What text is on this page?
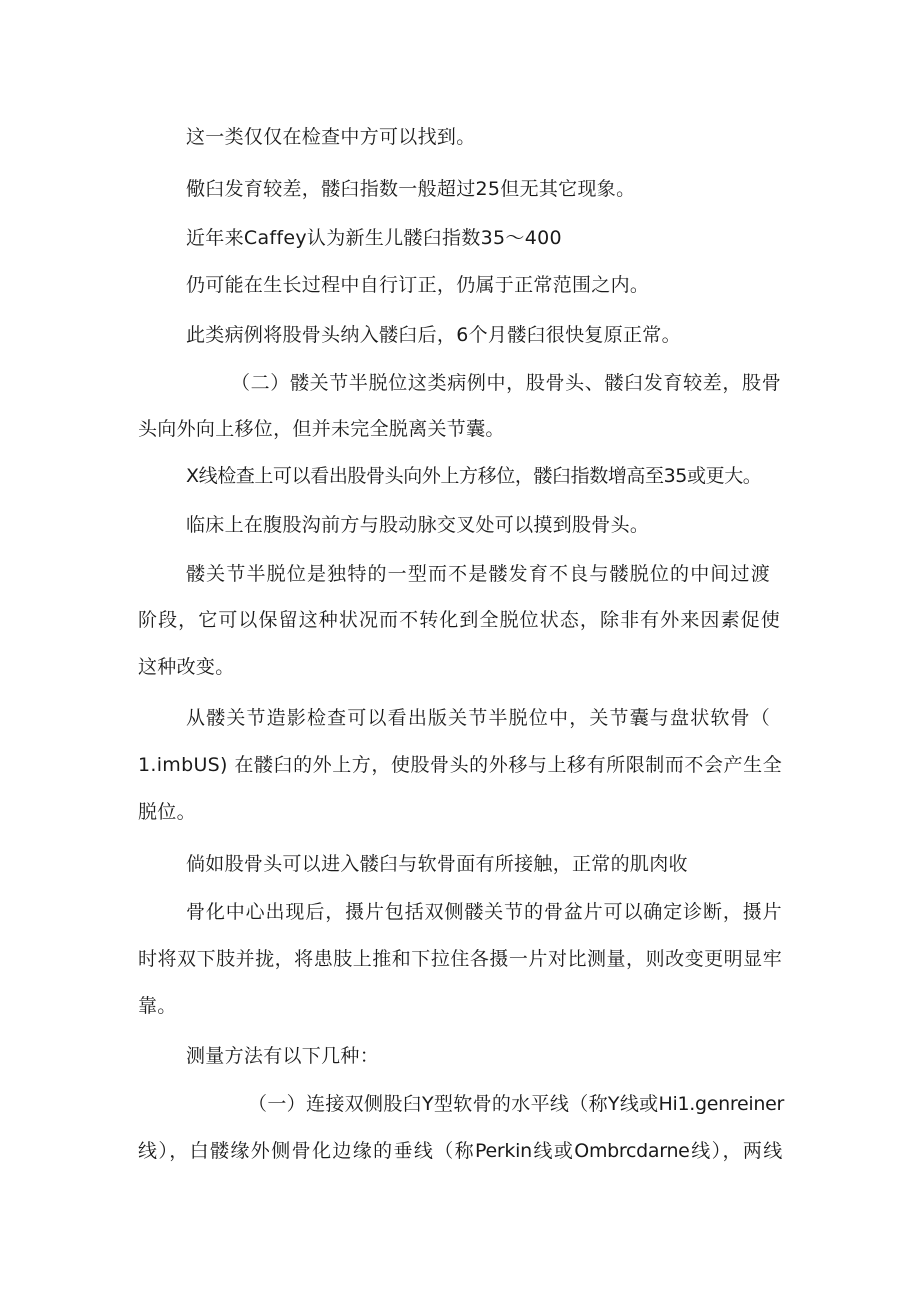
这一类仅仅在检查中方可以找到。
儆臼发育较差，髅臼指数一般超过25但无其它现象。
近年来Caffey认为新生儿髅臼指数35〜400
仍可能在生长过程中自行订正，仍属于正常范围之内。
此类病例将股骨头纳入髅臼后，6个月髅臼很快复原正常。
（二）髅关节半脱位这类病例中，股骨头、髅臼发育较差，股骨
头向外向上移位，但并未完全脱离关节囊。
X线检查上可以看出股骨头向外上方移位，髅臼指数增高至35或更大。
临床上在腹股沟前方与股动脉交叉处可以摸到股骨头。
髅关节半脱位是独特的一型而不是髅发育不良与髅脱位的中间过渡
阶段，它可以保留这种状况而不转化到全脱位状态，除非有外来因素促使
这种改变。
从髅关节造影检查可以看出版关节半脱位中，关节囊与盘状软骨（
1.imbUS) 在髅臼的外上方，使股骨头的外移与上移有所限制而不会产生全
脱位。
倘如股骨头可以进入髅臼与软骨面有所接触，正常的肌肉收
骨化中心出现后，摄片包括双侧髅关节的骨盆片可以确定诊断，摄片
时将双下肢并拢，将患肢上推和下拉住各摄一片对比测量，则改变更明显牢
靠。
测量方法有以下几种：
（一）连接双侧股臼Y型软骨的水平线（称Y线或Hi1.genreiner
线），白髅缘外侧骨化边缘的垂线（称Perkin线或Ombrcdarne线），两线
